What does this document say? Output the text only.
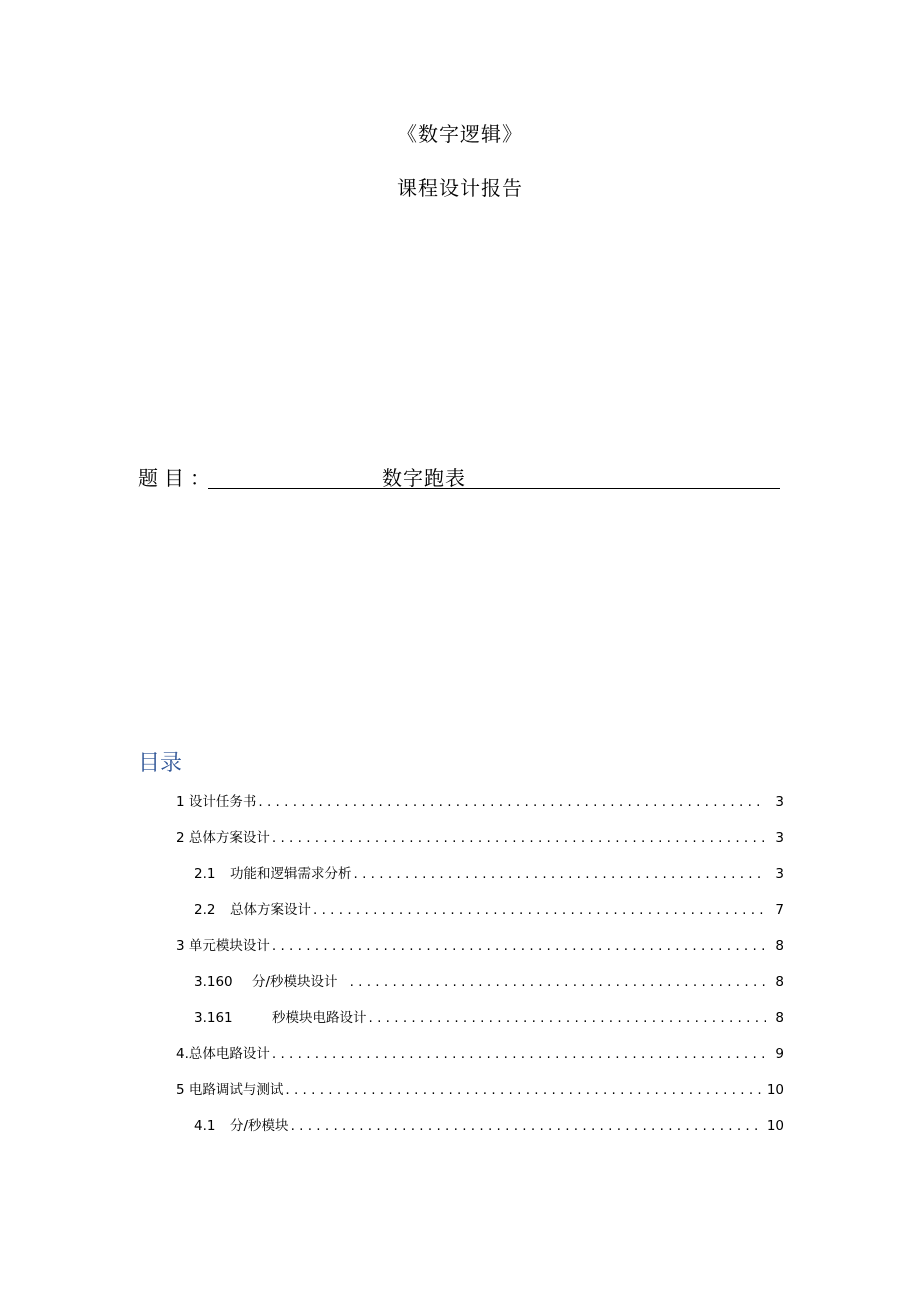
《数字逻辑》
课程设计报告
题目：	数字跑表
目录
1 设计任务书 . . .	3
2 总体方案设计 . . .	3
2.1	功能和逻辑需求分析 . . .	3
2.2	总体方案设计 . . .	7
3 单元模块设计 . . .	8
3.160	分/秒模块设计 . . .	8
3.161	秒模块电路设计 . . .	8
4. 总体电路设计 . . .	9
5 电路调试与测试 . . .	10
4.1	分/秒模块 . . .	10
